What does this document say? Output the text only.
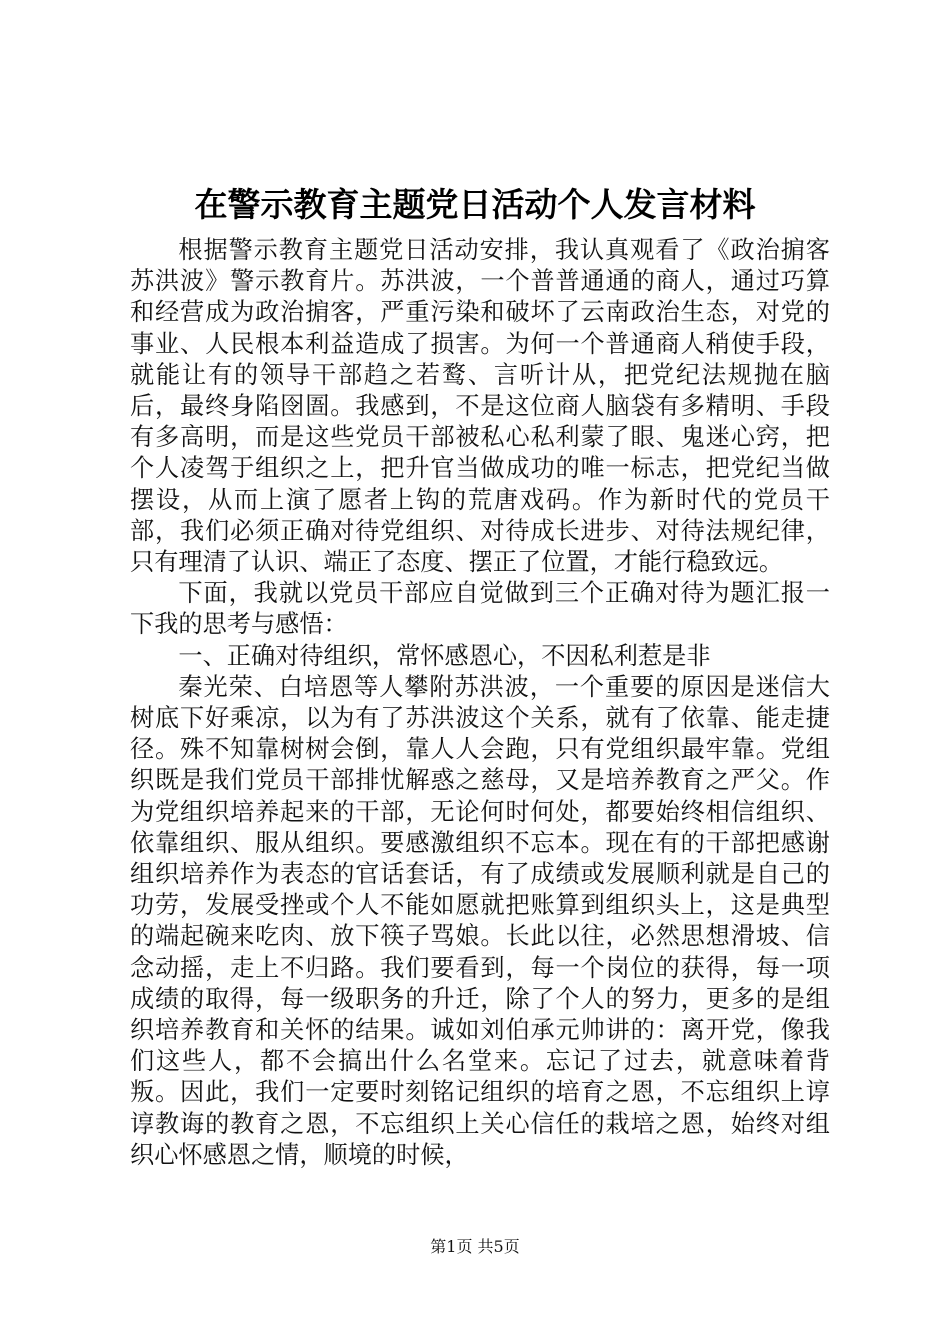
在警示教育主题党日活动个人发言材料

根据警示教育主题党日活动安排，我认真观看了《政治掮客苏洪波》警示教育片。苏洪波，一个普普通通的商人，通过巧算和经营成为政治掮客，严重污染和破坏了云南政治生态，对党的事业、人民根本利益造成了损害。为何一个普通商人稍使手段，就能让有的领导干部趋之若鹜、言听计从，把党纪法规抛在脑后，最终身陷囹圄。我感到，不是这位商人脑袋有多精明、手段有多高明，而是这些党员干部被私心私利蒙了眼、鬼迷心窍，把个人凌驾于组织之上，把升官当做成功的唯一标志，把党纪当做摆设，从而上演了愿者上钩的荒唐戏码。作为新时代的党员干部，我们必须正确对待党组织、对待成长进步、对待法规纪律，只有理清了认识、端正了态度、摆正了位置，才能行稳致远。

下面，我就以党员干部应自觉做到三个正确对待为题汇报一下我的思考与感悟：

一、正确对待组织，常怀感恩心，不因私利惹是非

秦光荣、白培恩等人攀附苏洪波，一个重要的原因是迷信大树底下好乘凉，以为有了苏洪波这个关系，就有了依靠、能走捷径。殊不知靠树树会倒，靠人人会跑，只有党组织最牢靠。党组织既是我们党员干部排忧解惑之慈母，又是培养教育之严父。作为党组织培养起来的干部，无论何时何处，都要始终相信组织、依靠组织、服从组织。要感激组织不忘本。现在有的干部把感谢组织培养作为表态的官话套话，有了成绩或发展顺利就是自己的功劳，发展受挫或个人不能如愿就把账算到组织头上，这是典型的端起碗来吃肉、放下筷子骂娘。长此以往，必然思想滑坡、信念动摇，走上不归路。我们要看到，每一个岗位的获得，每一项成绩的取得，每一级职务的升迁，除了个人的努力，更多的是组织培养教育和关怀的结果。诚如刘伯承元帅讲的：离开党，像我们这些人，都不会搞出什么名堂来。忘记了过去，就意味着背叛。因此，我们一定要时刻铭记组织的培育之恩，不忘组织上谆谆教诲的教育之恩，不忘组织上关心信任的栽培之恩，始终对组织心怀感恩之情，顺境的时候，

第1页 共5页
